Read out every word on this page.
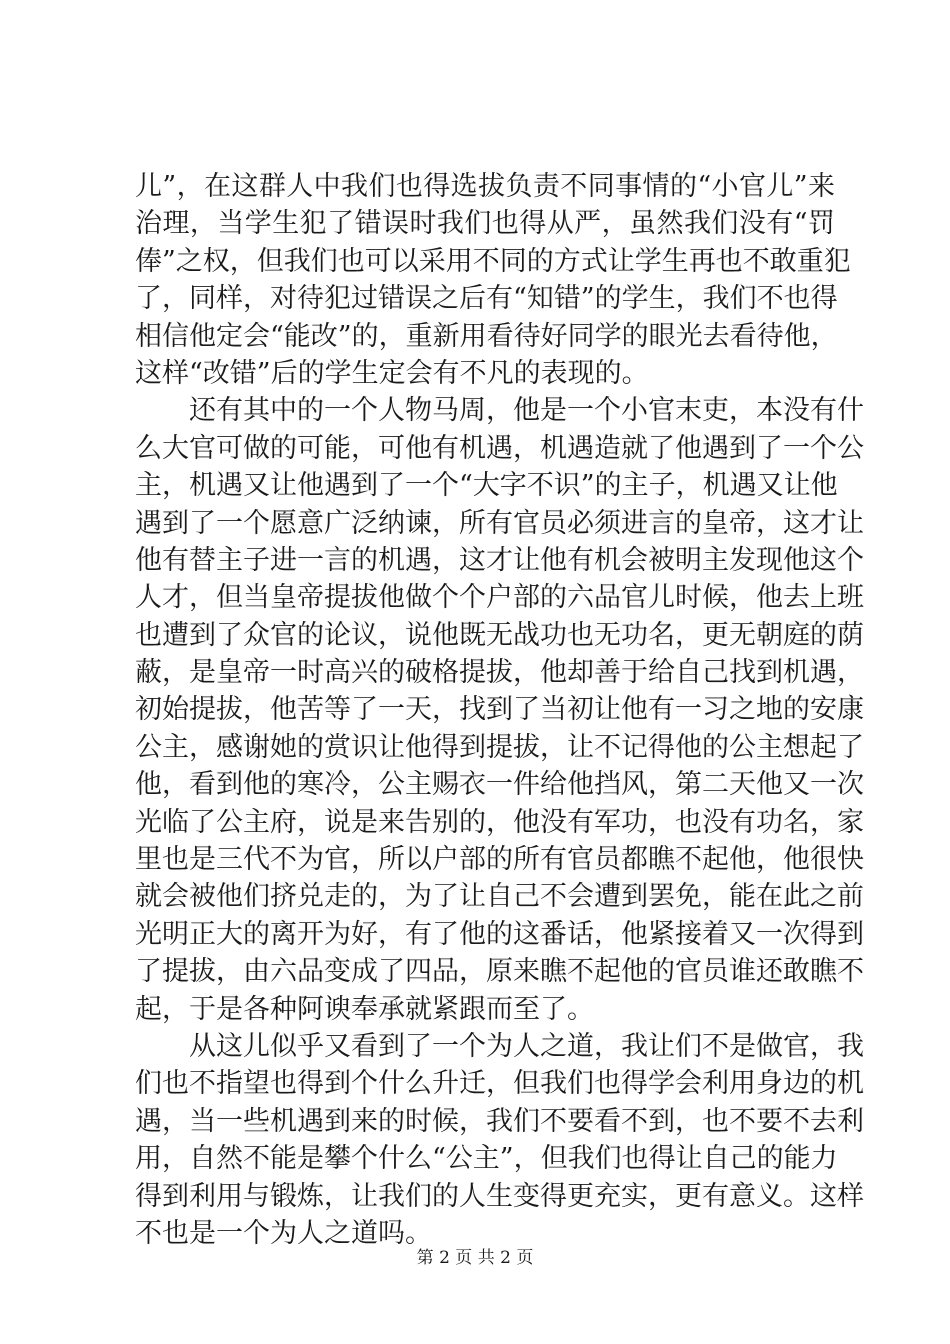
儿”，在这群人中我们也得选拔负责不同事情的“小官儿”来
治理，当学生犯了错误时我们也得从严，虽然我们没有“罚
俸”之权，但我们也可以采用不同的方式让学生再也不敢重犯
了，同样，对待犯过错误之后有“知错”的学生，我们不也得
相信他定会“能改”的，重新用看待好同学的眼光去看待他，
这样“改错”后的学生定会有不凡的表现的。
　　还有其中的一个人物马周，他是一个小官末吏，本没有什
么大官可做的可能，可他有机遇，机遇造就了他遇到了一个公
主，机遇又让他遇到了一个“大字不识”的主子，机遇又让他
遇到了一个愿意广泛纳谏，所有官员必须进言的皇帝，这才让
他有替主子进一言的机遇，这才让他有机会被明主发现他这个
人才，但当皇帝提拔他做个个户部的六品官儿时候，他去上班
也遭到了众官的论议，说他既无战功也无功名，更无朝庭的荫
蔽，是皇帝一时高兴的破格提拔，他却善于给自己找到机遇，
初始提拔，他苦等了一天，找到了当初让他有一习之地的安康
公主，感谢她的赏识让他得到提拔，让不记得他的公主想起了
他，看到他的寒冷，公主赐衣一件给他挡风，第二天他又一次
光临了公主府，说是来告别的，他没有军功，也没有功名，家
里也是三代不为官，所以户部的所有官员都瞧不起他，他很快
就会被他们挤兑走的，为了让自己不会遭到罢免，能在此之前
光明正大的离开为好，有了他的这番话，他紧接着又一次得到
了提拔，由六品变成了四品，原来瞧不起他的官员谁还敢瞧不
起，于是各种阿谀奉承就紧跟而至了。
　　从这儿似乎又看到了一个为人之道，我让们不是做官，我
们也不指望也得到个什么升迁，但我们也得学会利用身边的机
遇，当一些机遇到来的时候，我们不要看不到，也不要不去利
用，自然不能是攀个什么“公主”，但我们也得让自己的能力
得到利用与锻炼，让我们的人生变得更充实，更有意义。这样
不也是一个为人之道吗。
第 2 页 共 2 页
